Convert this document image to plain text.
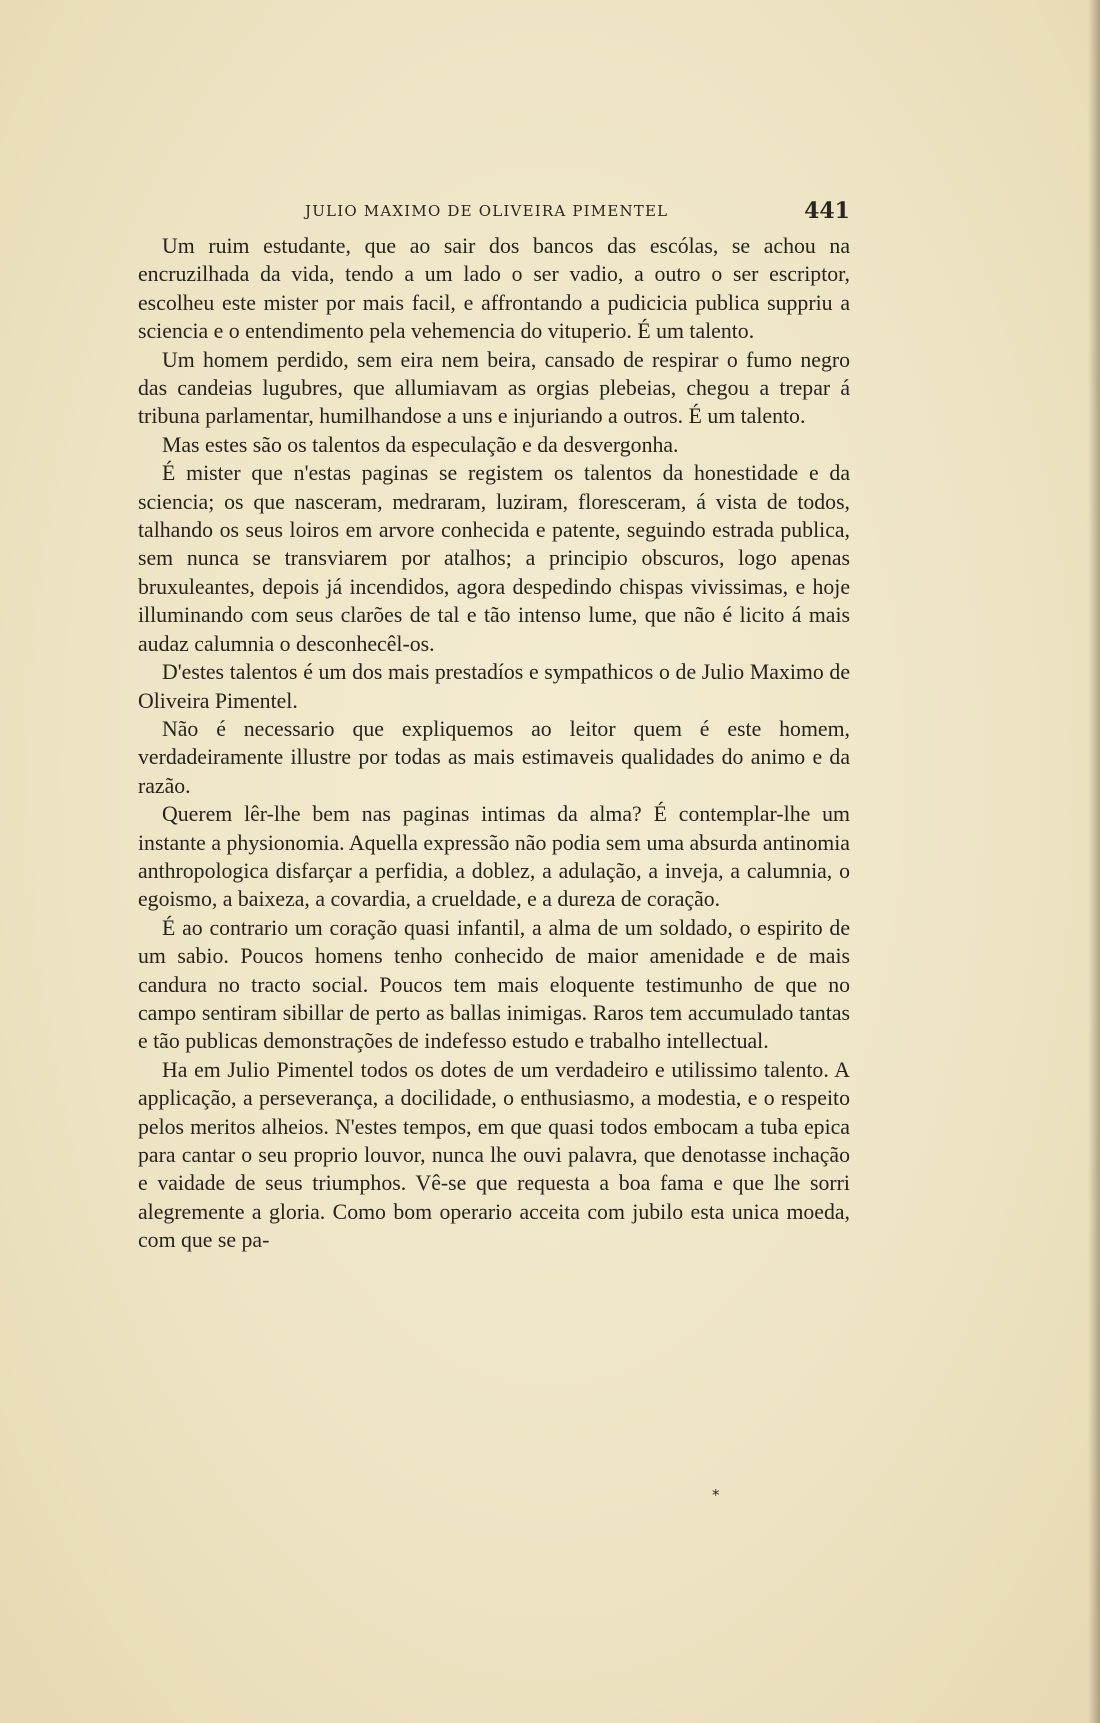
JULIO MAXIMO DE OLIVEIRA PIMENTEL	441

Um ruim estudante, que ao sair dos bancos das escólas, se achou na encruzilhada da vida, tendo a um lado o ser vadio, a outro o ser escriptor, escolheu este mister por mais facil, e affrontando a pudicicia publica suppriu a sciencia e o entendimento pela vehemencia do vituperio. É um talento.

Um homem perdido, sem eira nem beira, cansado de respirar o fumo negro das candeias lugubres, que allumiavam as orgias plebeias, chegou a trepar á tribuna parlamentar, humilhandose a uns e injuriando a outros. É um talento.

Mas estes são os talentos da especulação e da desvergonha.

É mister que n'estas paginas se registem os talentos da honestidade e da sciencia; os que nasceram, medraram, luziram, floresceram, á vista de todos, talhando os seus loiros em arvore conhecida e patente, seguindo estrada publica, sem nunca se transviarem por atalhos; a principio obscuros, logo apenas bruxuleantes, depois já incendidos, agora despedindo chispas vivissimas, e hoje illuminando com seus clarões de tal e tão intenso lume, que não é licito á mais audaz calumnia o desconhecêl-os.

D'estes talentos é um dos mais prestadíos e sympathicos o de Julio Maximo de Oliveira Pimentel.

Não é necessario que expliquemos ao leitor quem é este homem, verdadeiramente illustre por todas as mais estimaveis qualidades do animo e da razão.

Querem lêr-lhe bem nas paginas intimas da alma? É contemplar-lhe um instante a physionomia. Aquella expressão não podia sem uma absurda antinomia anthropologica disfarçar a perfidia, a doblez, a adulação, a inveja, a calumnia, o egoismo, a baixeza, a covardia, a crueldade, e a dureza de coração.

É ao contrario um coração quasi infantil, a alma de um soldado, o espirito de um sabio. Poucos homens tenho conhecido de maior amenidade e de mais candura no tracto social. Poucos tem mais eloquente testimunho de que no campo sentiram sibillar de perto as ballas inimigas. Raros tem accumulado tantas e tão publicas demonstrações de indefesso estudo e trabalho intellectual.

Ha em Julio Pimentel todos os dotes de um verdadeiro e utilissimo talento. A applicação, a perseverança, a docilidade, o enthusiasmo, a modestia, e o respeito pelos meritos alheios. N'estes tempos, em que quasi todos embocam a tuba epica para cantar o seu proprio louvor, nunca lhe ouvi palavra, que denotasse inchação e vaidade de seus triumphos. Vê-se que requesta a boa fama e que lhe sorri alegremente a gloria. Como bom operario acceita com jubilo esta unica moeda, com que se pa-

*
